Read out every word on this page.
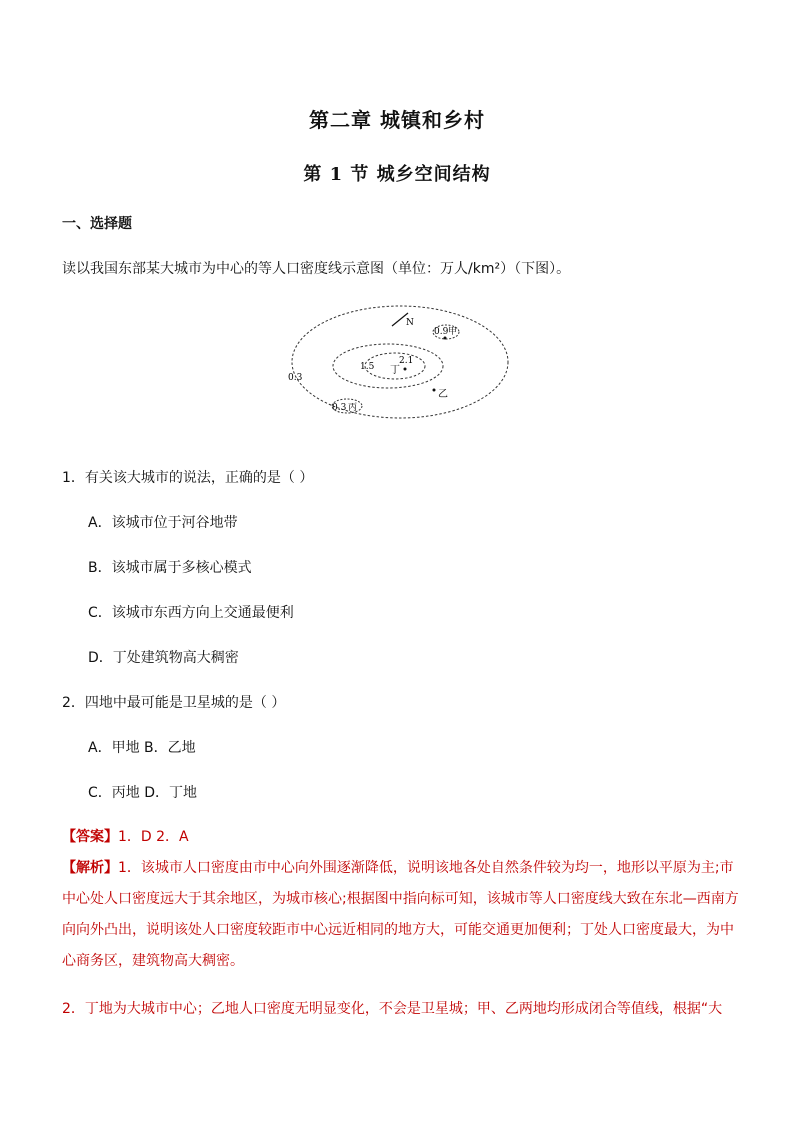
第二章 城镇和乡村
第 1 节 城乡空间结构
一、选择题
读以我国东部某大城市为中心的等人口密度线示意图（单位：万人/km²）（下图）。
N
0.3
1.5
2.1
0.9 甲
丁
乙
0.3 丙
1．有关该大城市的说法，正确的是（ ）
A．该城市位于河谷地带
B．该城市属于多核心模式
C．该城市东西方向上交通最便利
D．丁处建筑物高大稠密
2．四地中最可能是卫星城的是（ ）
A．甲地 B．乙地
C．丙地 D．丁地
【答案】1．D 2．A
【解析】1．该城市人口密度由市中心向外围逐渐降低，说明该地各处自然条件较为均一，地形以平原为主;市中心处人口密度远大于其余地区，为城市核心;根据图中指向标可知，该城市等人口密度线大致在东北—西南方向向外凸出，说明该处人口密度较距市中心远近相同的地方大，可能交通更加便利；丁处人口密度最大，为中心商务区，建筑物高大稠密。
2．丁地为大城市中心；乙地人口密度无明显变化，不会是卫星城；甲、乙两地均形成闭合等值线，根据“大
